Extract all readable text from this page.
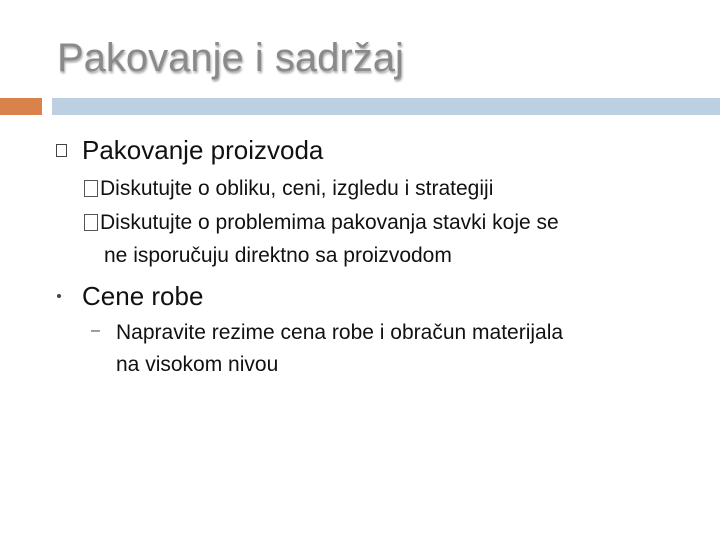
Pakovanje i sadržaj
Pakovanje proizvoda
Diskutujte o obliku, ceni, izgledu i strategiji
Diskutujte o problemima pakovanja stavki koje se
ne isporučuju direktno sa proizvodom
Cene robe
– Napravite rezime cena robe i obračun materijala
na visokom nivou
